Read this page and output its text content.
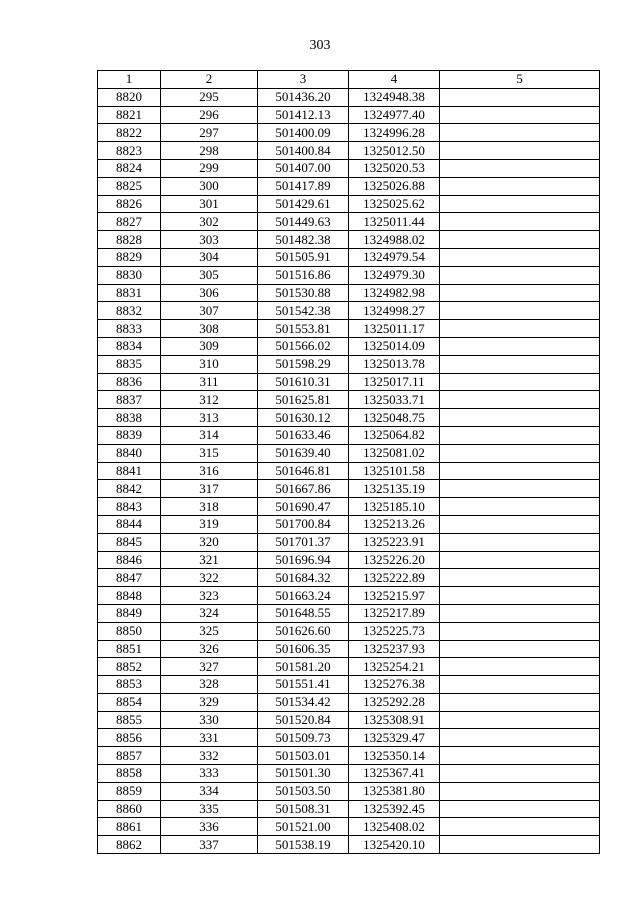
303
1	2	3	4	5
8820	295	501436.20	1324948.38	
8821	296	501412.13	1324977.40	
8822	297	501400.09	1324996.28	
8823	298	501400.84	1325012.50	
8824	299	501407.00	1325020.53	
8825	300	501417.89	1325026.88	
8826	301	501429.61	1325025.62	
8827	302	501449.63	1325011.44	
8828	303	501482.38	1324988.02	
8829	304	501505.91	1324979.54	
8830	305	501516.86	1324979.30	
8831	306	501530.88	1324982.98	
8832	307	501542.38	1324998.27	
8833	308	501553.81	1325011.17	
8834	309	501566.02	1325014.09	
8835	310	501598.29	1325013.78	
8836	311	501610.31	1325017.11	
8837	312	501625.81	1325033.71	
8838	313	501630.12	1325048.75	
8839	314	501633.46	1325064.82	
8840	315	501639.40	1325081.02	
8841	316	501646.81	1325101.58	
8842	317	501667.86	1325135.19	
8843	318	501690.47	1325185.10	
8844	319	501700.84	1325213.26	
8845	320	501701.37	1325223.91	
8846	321	501696.94	1325226.20	
8847	322	501684.32	1325222.89	
8848	323	501663.24	1325215.97	
8849	324	501648.55	1325217.89	
8850	325	501626.60	1325225.73	
8851	326	501606.35	1325237.93	
8852	327	501581.20	1325254.21	
8853	328	501551.41	1325276.38	
8854	329	501534.42	1325292.28	
8855	330	501520.84	1325308.91	
8856	331	501509.73	1325329.47	
8857	332	501503.01	1325350.14	
8858	333	501501.30	1325367.41	
8859	334	501503.50	1325381.80	
8860	335	501508.31	1325392.45	
8861	336	501521.00	1325408.02	
8862	337	501538.19	1325420.10	
